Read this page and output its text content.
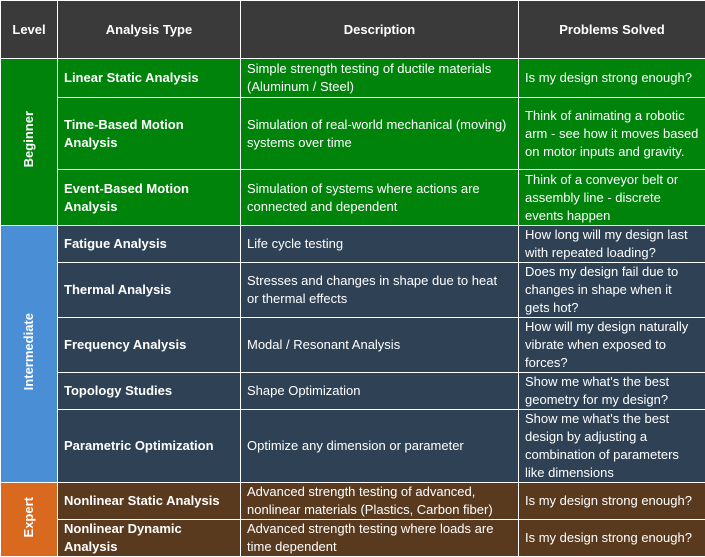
Level	Analysis Type	Description	Problems Solved
Beginner	Linear Static Analysis	Simple strength testing of ductile materials (Aluminum / Steel)	Is my design strong enough?
	Time-Based Motion Analysis	Simulation of real-world mechanical (moving) systems over time	Think of animating a robotic arm - see how it moves based on motor inputs and gravity.
	Event-Based Motion Analysis	Simulation of systems where actions are connected and dependent	Think of a conveyor belt or assembly line - discrete events happen
Intermediate	Fatigue Analysis	Life cycle testing	How long will my design last with repeated loading?
	Thermal Analysis	Stresses and changes in shape due to heat or thermal effects	Does my design fail due to changes in shape when it gets hot?
	Frequency Analysis	Modal / Resonant Analysis	How will my design naturally vibrate when exposed to forces?
	Topology Studies	Shape Optimization	Show me what's the best geometry for my design?
	Parametric Optimization	Optimize any dimension or parameter	Show me what's the best design by adjusting a combination of parameters like dimensions
Expert	Nonlinear Static Analysis	Advanced strength testing of advanced, nonlinear materials (Plastics, Carbon fiber)	Is my design strong enough?
	Nonlinear Dynamic Analysis	Advanced strength testing where loads are time dependent	Is my design strong enough?
